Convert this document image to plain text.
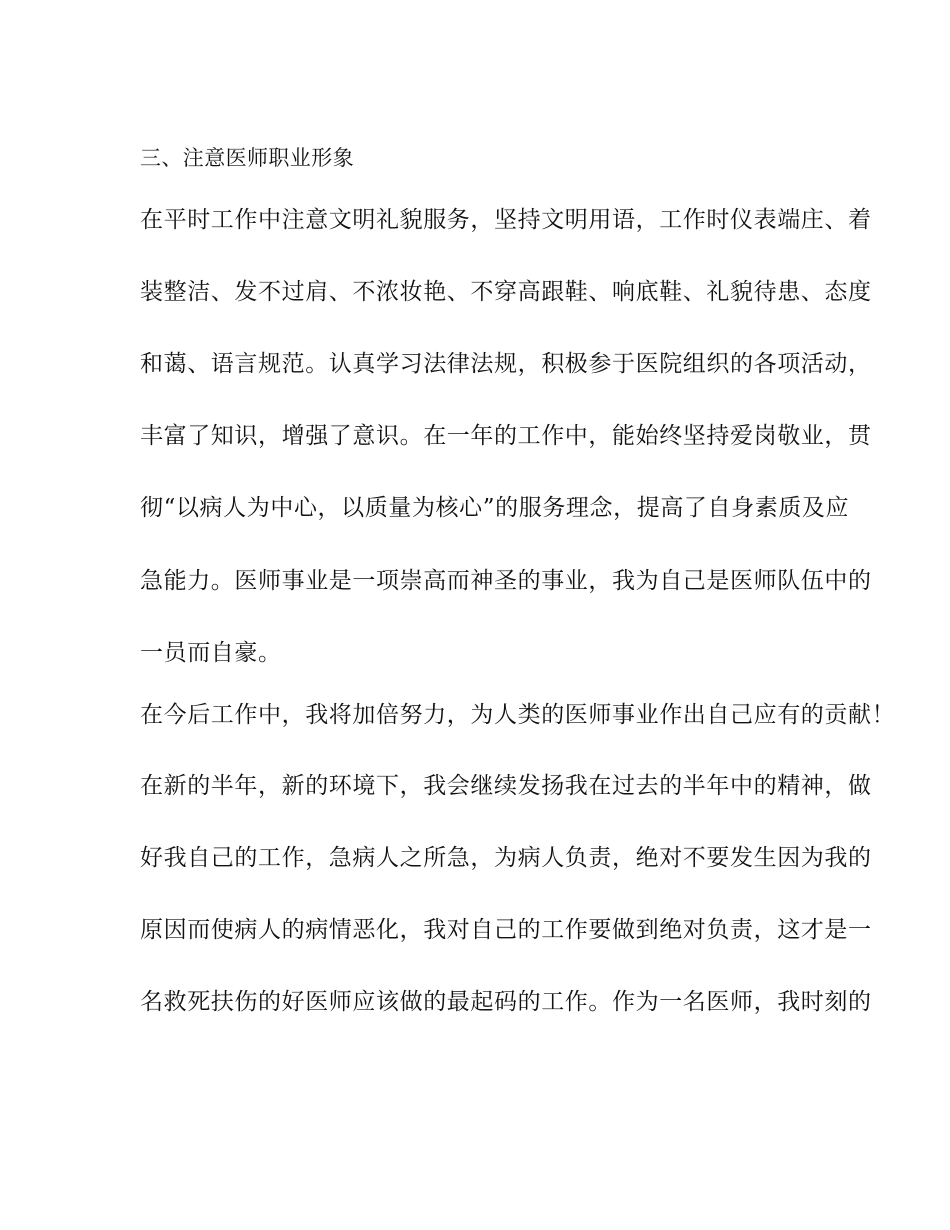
三、注意医师职业形象
在平时工作中注意文明礼貌服务，坚持文明用语，工作时仪表端庄、着
装整洁、发不过肩、不浓妆艳、不穿高跟鞋、响底鞋、礼貌待患、态度
和蔼、语言规范。认真学习法律法规，积极参于医院组织的各项活动，
丰富了知识，增强了意识。在一年的工作中，能始终坚持爱岗敬业，贯
彻“以病人为中心，以质量为核心”的服务理念，提高了自身素质及应
急能力。医师事业是一项崇高而神圣的事业，我为自己是医师队伍中的
一员而自豪。
在今后工作中，我将加倍努力，为人类的医师事业作出自己应有的贡献！
在新的半年，新的环境下，我会继续发扬我在过去的半年中的精神，做
好我自己的工作，急病人之所急，为病人负责，绝对不要发生因为我的
原因而使病人的病情恶化，我对自己的工作要做到绝对负责，这才是一
名救死扶伤的好医师应该做的最起码的工作。作为一名医师，我时刻的
